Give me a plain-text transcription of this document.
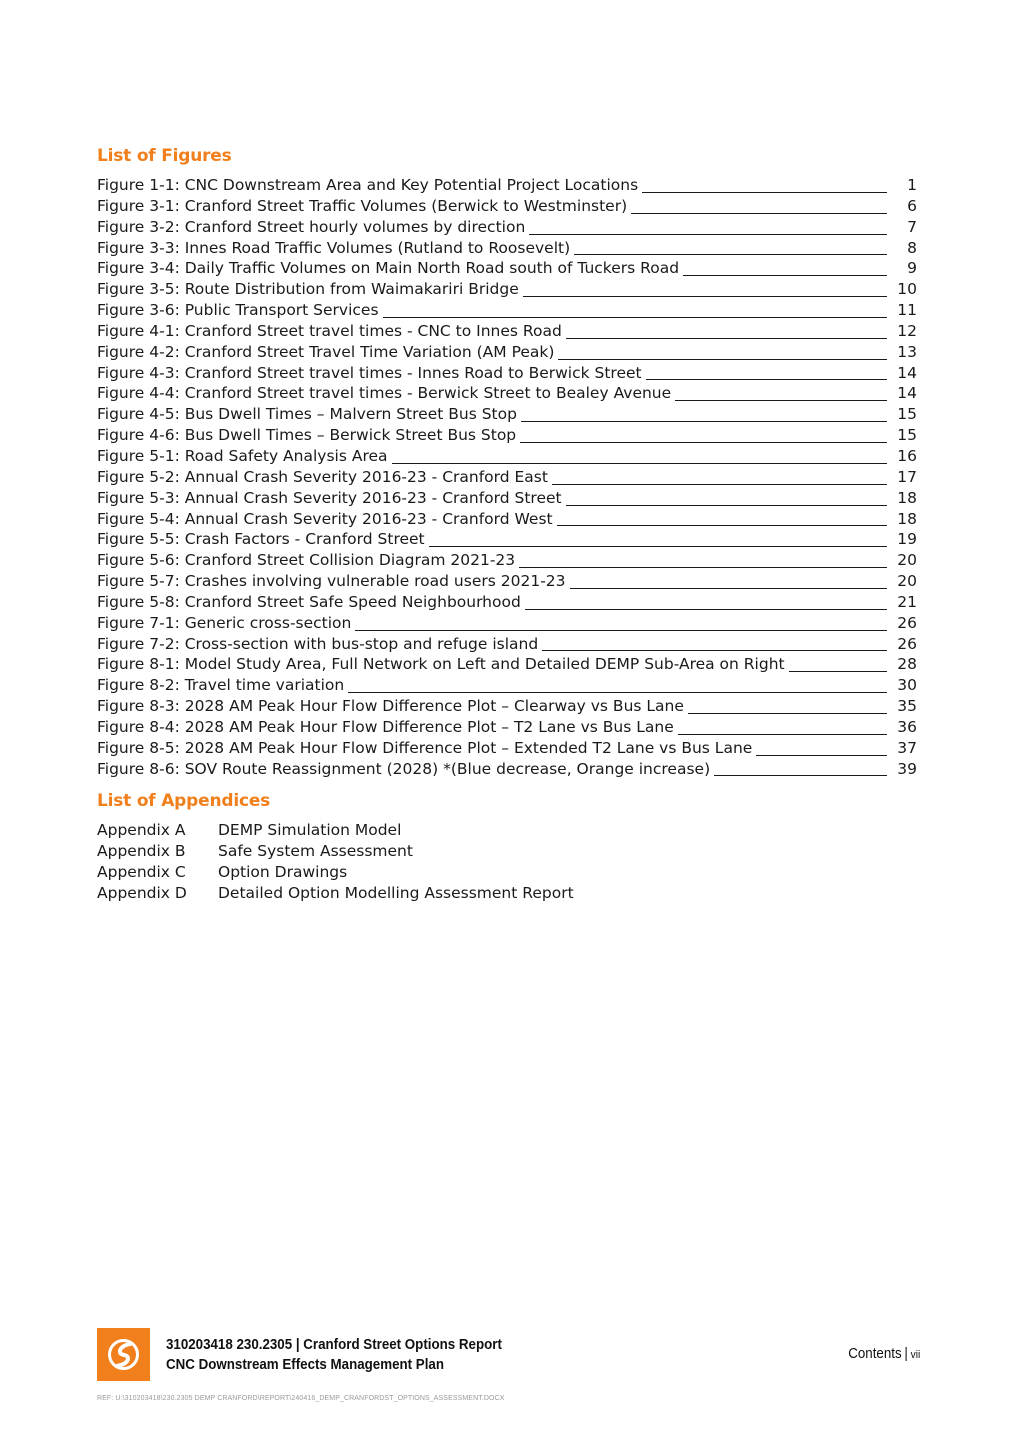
List of Figures
Figure 1-1: CNC Downstream Area and Key Potential Project Locations	1
Figure 3-1: Cranford Street Traffic Volumes (Berwick to Westminster)	6
Figure 3-2: Cranford Street hourly volumes by direction	7
Figure 3-3: Innes Road Traffic Volumes (Rutland to Roosevelt)	8
Figure 3-4: Daily Traffic Volumes on Main North Road south of Tuckers Road	9
Figure 3-5: Route Distribution from Waimakariri Bridge	10
Figure 3-6: Public Transport Services	11
Figure 4-1: Cranford Street travel times - CNC to Innes Road	12
Figure 4-2: Cranford Street Travel Time Variation (AM Peak)	13
Figure 4-3: Cranford Street travel times - Innes Road to Berwick Street	14
Figure 4-4: Cranford Street travel times - Berwick Street to Bealey Avenue	14
Figure 4-5: Bus Dwell Times – Malvern Street Bus Stop	15
Figure 4-6: Bus Dwell Times – Berwick Street Bus Stop	15
Figure 5-1: Road Safety Analysis Area	16
Figure 5-2: Annual Crash Severity 2016-23 - Cranford East	17
Figure 5-3: Annual Crash Severity 2016-23 - Cranford Street	18
Figure 5-4: Annual Crash Severity 2016-23 - Cranford West	18
Figure 5-5: Crash Factors - Cranford Street	19
Figure 5-6: Cranford Street Collision Diagram 2021-23	20
Figure 5-7: Crashes involving vulnerable road users 2021-23	20
Figure 5-8: Cranford Street Safe Speed Neighbourhood	21
Figure 7-1: Generic cross-section	26
Figure 7-2: Cross-section with bus-stop and refuge island	26
Figure 8-1: Model Study Area, Full Network on Left and Detailed DEMP Sub-Area on Right	28
Figure 8-2: Travel time variation	30
Figure 8-3: 2028 AM Peak Hour Flow Difference Plot – Clearway vs Bus Lane	35
Figure 8-4: 2028 AM Peak Hour Flow Difference Plot – T2 Lane vs Bus Lane	36
Figure 8-5: 2028 AM Peak Hour Flow Difference Plot – Extended T2 Lane vs Bus Lane	37
Figure 8-6: SOV Route Reassignment (2028) *(Blue decrease, Orange increase)	39
List of Appendices
Appendix A	DEMP Simulation Model
Appendix B	Safe System Assessment
Appendix C	Option Drawings
Appendix D	Detailed Option Modelling Assessment Report
310203418 230.2305 | Cranford Street Options Report
CNC Downstream Effects Management Plan
Contents | vii
REF: U:\310203418\230.2305 DEMP CRANFORD\REPORT\240416_DEMP_CRANFORDST_OPTIONS_ASSESSMENT.DOCX
